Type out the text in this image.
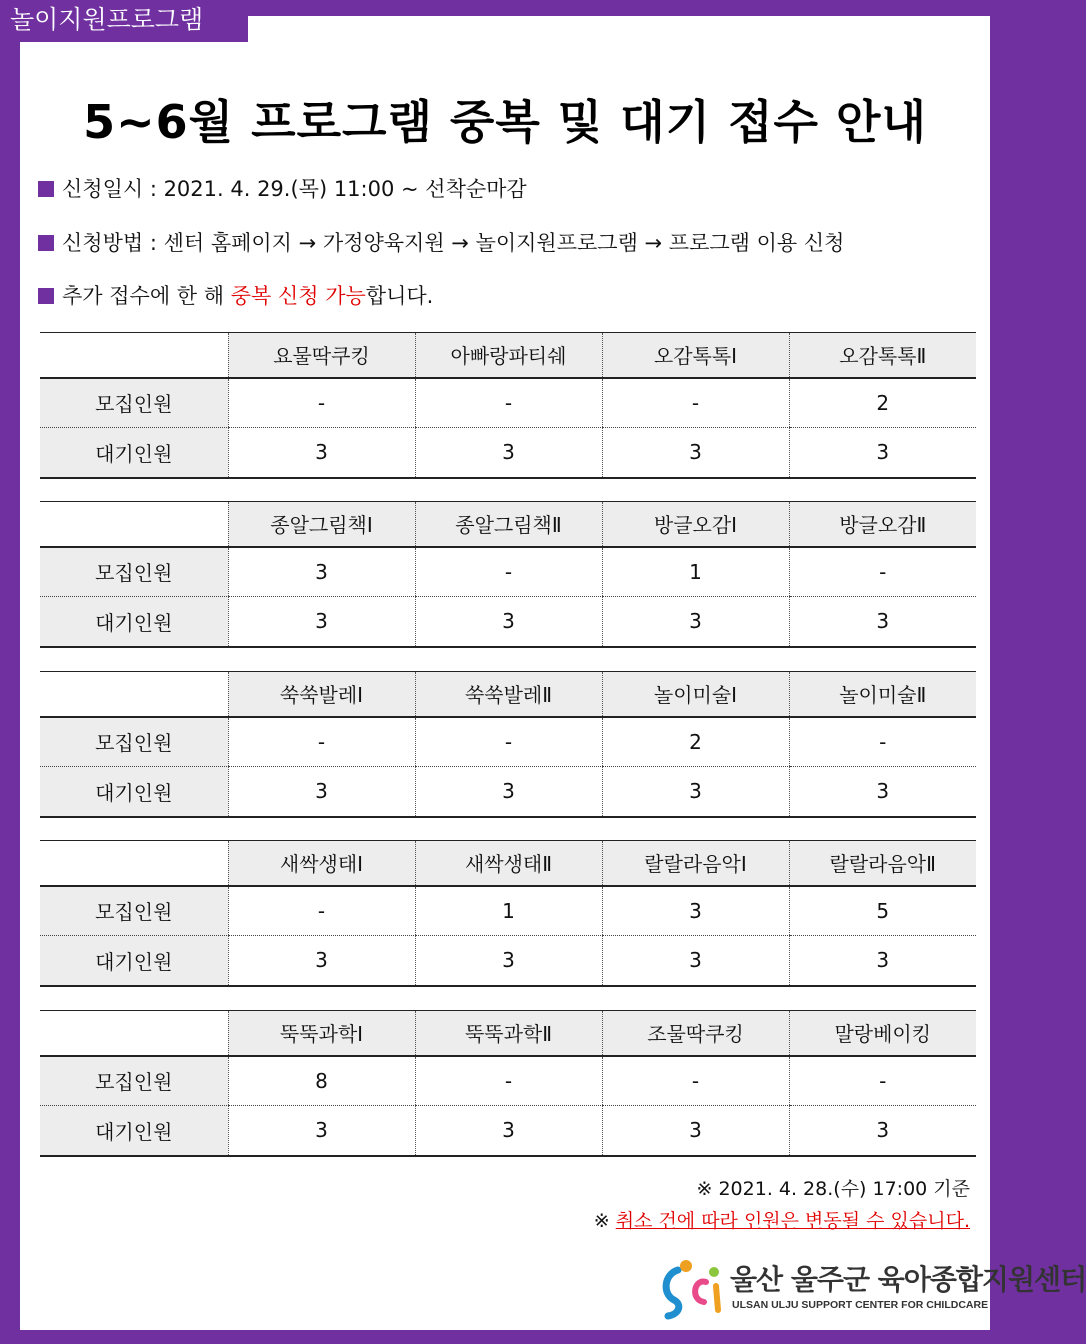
놀이지원프로그램
5~6월 프로그램 중복 및 대기 접수 안내
신청일시 : 2021. 4. 29.(목) 11:00 ~ 선착순마감
신청방법 : 센터 홈페이지 → 가정양육지원 → 놀이지원프로그램 → 프로그램 이용 신청
추가 접수에 한 해 중복 신청 가능합니다.
	요물딱쿠킹	아빠랑파티쉐	오감톡톡Ⅰ	오감톡톡Ⅱ
모집인원	-	-	-	2
대기인원	3	3	3	3
	종알그림책Ⅰ	종알그림책Ⅱ	방글오감Ⅰ	방글오감Ⅱ
모집인원	3	-	1	-
대기인원	3	3	3	3
	쑥쑥발레Ⅰ	쑥쑥발레Ⅱ	놀이미술Ⅰ	놀이미술Ⅱ
모집인원	-	-	2	-
대기인원	3	3	3	3
	새싹생태Ⅰ	새싹생태Ⅱ	랄랄라음악Ⅰ	랄랄라음악Ⅱ
모집인원	-	1	3	5
대기인원	3	3	3	3
	뚝뚝과학Ⅰ	뚝뚝과학Ⅱ	조물딱쿠킹	말랑베이킹
모집인원	8	-	-	-
대기인원	3	3	3	3
※ 2021. 4. 28.(수) 17:00 기준
※ 취소 건에 따라 인원은 변동될 수 있습니다.
울산 울주군 육아종합지원센터
ULSAN ULJU SUPPORT CENTER FOR CHILDCARE
